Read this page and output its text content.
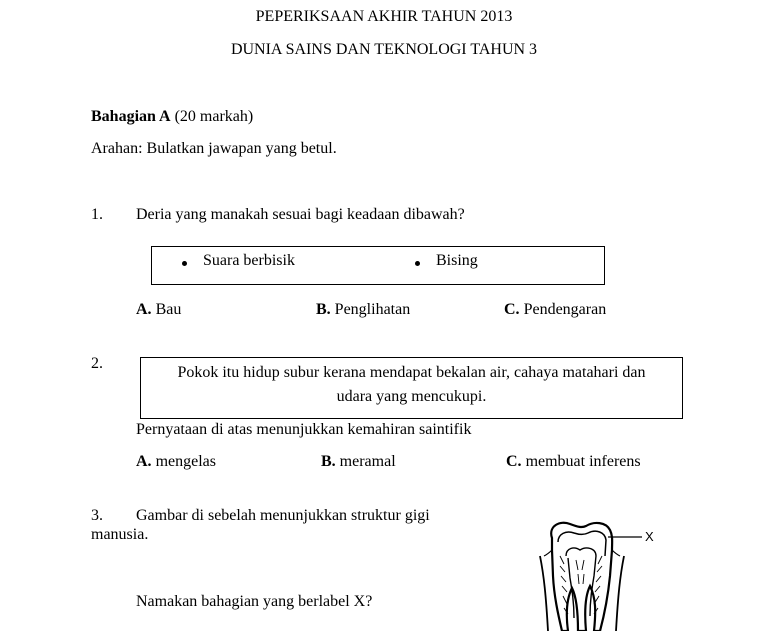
PEPERIKSAAN AKHIR TAHUN 2013
DUNIA SAINS DAN TEKNOLOGI TAHUN 3
Bahagian A (20 markah)
Arahan: Bulatkan jawapan yang betul.
1. Deria yang manakah sesuai bagi keadaan dibawah?
Suara berbisik	Bising
A. Bau	B. Penglihatan	C. Pendengaran
2.
Pokok itu hidup subur kerana mendapat bekalan air, cahaya matahari dan
udara yang mencukupi.
Pernyataan di atas menunjukkan kemahiran saintifik
A. mengelas	B. meramal	C. membuat inferens
3. Gambar di sebelah menunjukkan struktur gigi
manusia.
Namakan bahagian yang berlabel X?
X
